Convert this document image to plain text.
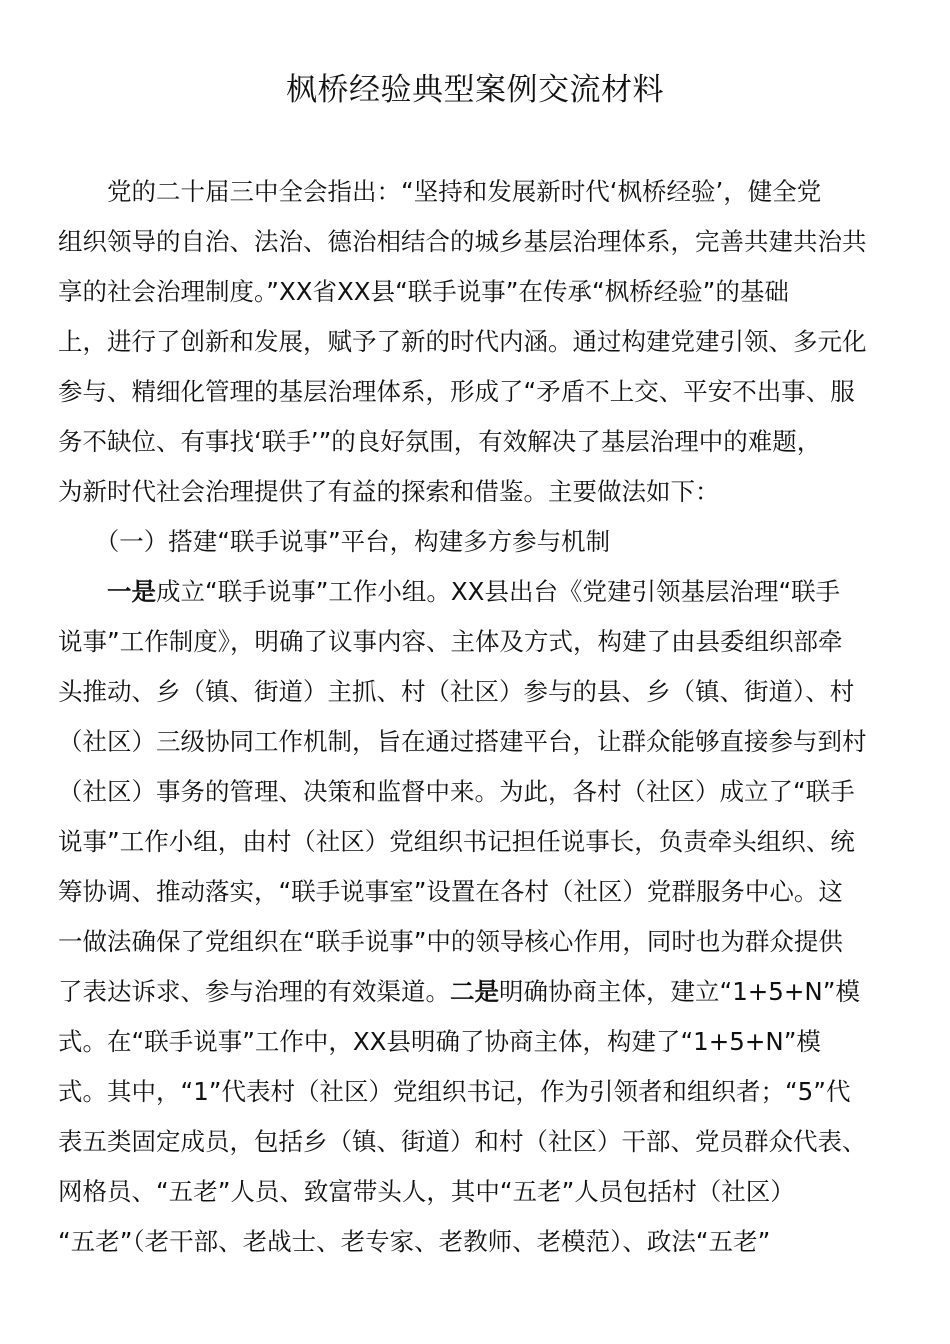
枫桥经验典型案例交流材料
　　党的二十届三中全会指出：“坚持和发展新时代‘枫桥经验’，健全党
组织领导的自治、法治、德治相结合的城乡基层治理体系，完善共建共治共
享的社会治理制度。”XX省XX县“联手说事”在传承“枫桥经验”的基础
上，进行了创新和发展，赋予了新的时代内涵。通过构建党建引领、多元化
参与、精细化管理的基层治理体系，形成了“矛盾不上交、平安不出事、服
务不缺位、有事找‘联手’”的良好氛围，有效解决了基层治理中的难题，
为新时代社会治理提供了有益的探索和借鉴。主要做法如下：
　　（一）搭建“联手说事”平台，构建多方参与机制
　　一是成立“联手说事”工作小组。XX县出台《党建引领基层治理“联手
说事”工作制度》，明确了议事内容、主体及方式，构建了由县委组织部牵
头推动、乡（镇、街道）主抓、村（社区）参与的县、乡（镇、街道）、村
（社区）三级协同工作机制，旨在通过搭建平台，让群众能够直接参与到村
（社区）事务的管理、决策和监督中来。为此，各村（社区）成立了“联手
说事”工作小组，由村（社区）党组织书记担任说事长，负责牵头组织、统
筹协调、推动落实，“联手说事室”设置在各村（社区）党群服务中心。这
一做法确保了党组织在“联手说事”中的领导核心作用，同时也为群众提供
了表达诉求、参与治理的有效渠道。二是明确协商主体，建立“1+5+N”模
式。在“联手说事”工作中，XX县明确了协商主体，构建了“1+5+N”模
式。其中，“1”代表村（社区）党组织书记，作为引领者和组织者；“5”代
表五类固定成员，包括乡（镇、街道）和村（社区）干部、党员群众代表、
网格员、“五老”人员、致富带头人，其中“五老”人员包括村（社区）
“五老”（老干部、老战士、老专家、老教师、老模范）、政法“五老”
